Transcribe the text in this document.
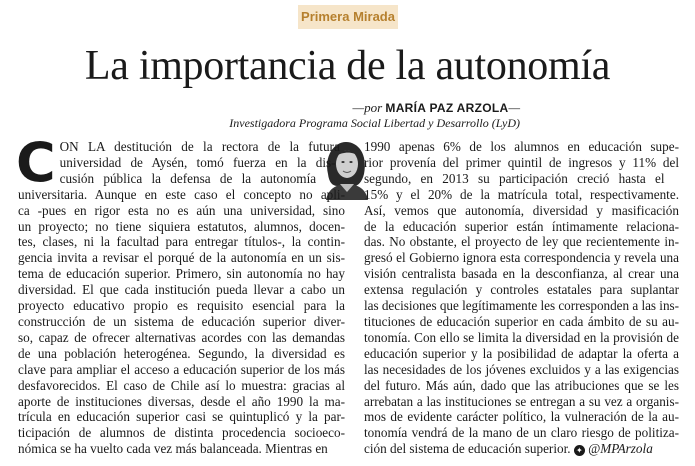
Primera Mirada
La importancia de la autonomía
—por MARÍA PAZ ARZOLA—
Investigadora Programa Social Libertad y Desarrollo (LyD)
C ON LA destitución de la rectora de la futura
universidad de Aysén, tomó fuerza en la dis-
cusión pública la defensa de la autonomía
universitaria. Aunque en este caso el concepto no apli-
ca -pues en rigor esta no es aún una universidad, sino
un proyecto; no tiene siquiera estatutos, alumnos, docen-
tes, clases, ni la facultad para entregar títulos-, la contin-
gencia invita a revisar el porqué de la autonomía en un sis-
tema de educación superior. Primero, sin autonomía no hay
diversidad. El que cada institución pueda llevar a cabo un
proyecto educativo propio es requisito esencial para la
construcción de un sistema de educación superior diver-
so, capaz de ofrecer alternativas acordes con las demandas
de una población heterogénea. Segundo, la diversidad es
clave para ampliar el acceso a educación superior de los más
desfavorecidos. El caso de Chile así lo muestra: gracias al
aporte de instituciones diversas, desde el año 1990 la ma-
trícula en educación superior casi se quintuplicó y la par-
ticipación de alumnos de distinta procedencia socioeco-
nómica se ha vuelto cada vez más balanceada. Mientras en
1990 apenas 6% de los alumnos en educación supe-
rior provenía del primer quintil de ingresos y 11% del
segundo, en 2013 su participación creció hasta el
15% y el 20% de la matrícula total, respectivamente.
Así, vemos que autonomía, diversidad y masificación
de la educación superior están íntimamente relaciona-
das. No obstante, el proyecto de ley que recientemente in-
gresó el Gobierno ignora esta correspondencia y revela una
visión centralista basada en la desconfianza, al crear una
extensa regulación y controles estatales para suplantar
las decisiones que legítimamente les corresponden a las ins-
tituciones de educación superior en cada ámbito de su au-
tonomía. Con ello se limita la diversidad en la provisión de
educación superior y la posibilidad de adaptar la oferta a
las necesidades de los jóvenes excluidos y a las exigencias
del futuro. Más aún, dado que las atribuciones que se les
arrebatan a las instituciones se entregan a su vez a organis-
mos de evidente carácter político, la vulneración de la au-
tonomía vendrá de la mano de un claro riesgo de politiza-
ción del sistema de educación superior. ✦ @MPArzola
